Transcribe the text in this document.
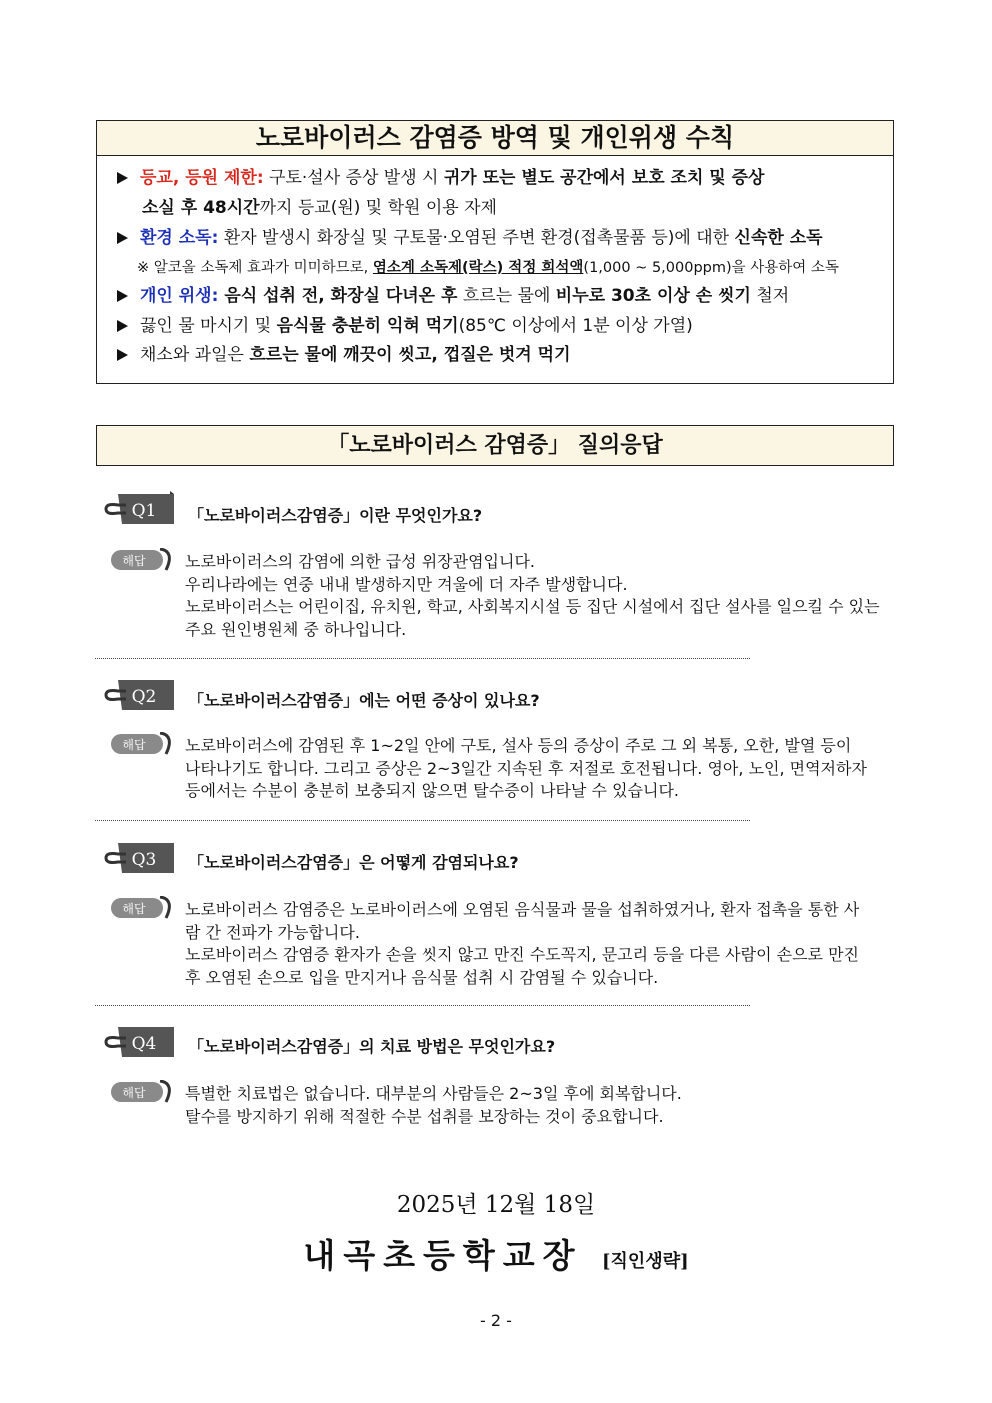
노로바이러스 감염증 방역 및 개인위생 수칙
등교, 등원 제한: 구토·설사 증상 발생 시 귀가 또는 별도 공간에서 보호 조치 및 증상
소실 후 48시간까지 등교(원) 및 학원 이용 자제
환경 소독: 환자 발생시 화장실 및 구토물·오염된 주변 환경(접촉물품 등)에 대한 신속한 소독
※ 알코올 소독제 효과가 미미하므로, 염소계 소독제(락스) 적정 희석액(1,000 ~ 5,000ppm)을 사용하여 소독
개인 위생: 음식 섭취 전, 화장실 다녀온 후 흐르는 물에 비누로 30초 이상 손 씻기 철저
끓인 물 마시기 및 음식물 충분히 익혀 먹기(85℃ 이상에서 1분 이상 가열)
채소와 과일은 흐르는 물에 깨끗이 씻고, 껍질은 벗겨 먹기
「노로바이러스 감염증」 질의응답
Q1 「노로바이러스감염증」이란 무엇인가요?
해답 노로바이러스의 감염에 의한 급성 위장관염입니다.
우리나라에는 연중 내내 발생하지만 겨울에 더 자주 발생합니다.
노로바이러스는 어린이집, 유치원, 학교, 사회복지시설 등 집단 시설에서 집단 설사를 일으킬 수 있는
주요 원인병원체 중 하나입니다.
Q2 「노로바이러스감염증」에는 어떤 증상이 있나요?
해답 노로바이러스에 감염된 후 1~2일 안에 구토, 설사 등의 증상이 주로 그 외 복통, 오한, 발열 등이
나타나기도 합니다. 그리고 증상은 2~3일간 지속된 후 저절로 호전됩니다. 영아, 노인, 면역저하자
등에서는 수분이 충분히 보충되지 않으면 탈수증이 나타날 수 있습니다.
Q3 「노로바이러스감염증」은 어떻게 감염되나요?
해답 노로바이러스 감염증은 노로바이러스에 오염된 음식물과 물을 섭취하였거나, 환자 접촉을 통한 사
람 간 전파가 가능합니다.
노로바이러스 감염증 환자가 손을 씻지 않고 만진 수도꼭지, 문고리 등을 다른 사람이 손으로 만진
후 오염된 손으로 입을 만지거나 음식물 섭취 시 감염될 수 있습니다.
Q4 「노로바이러스감염증」의 치료 방법은 무엇인가요?
해답 특별한 치료법은 없습니다. 대부분의 사람들은 2~3일 후에 회복합니다.
탈수를 방지하기 위해 적절한 수분 섭취를 보장하는 것이 중요합니다.
2025년 12월 18일
내곡초등학교장 [직인생략]
- 2 -
